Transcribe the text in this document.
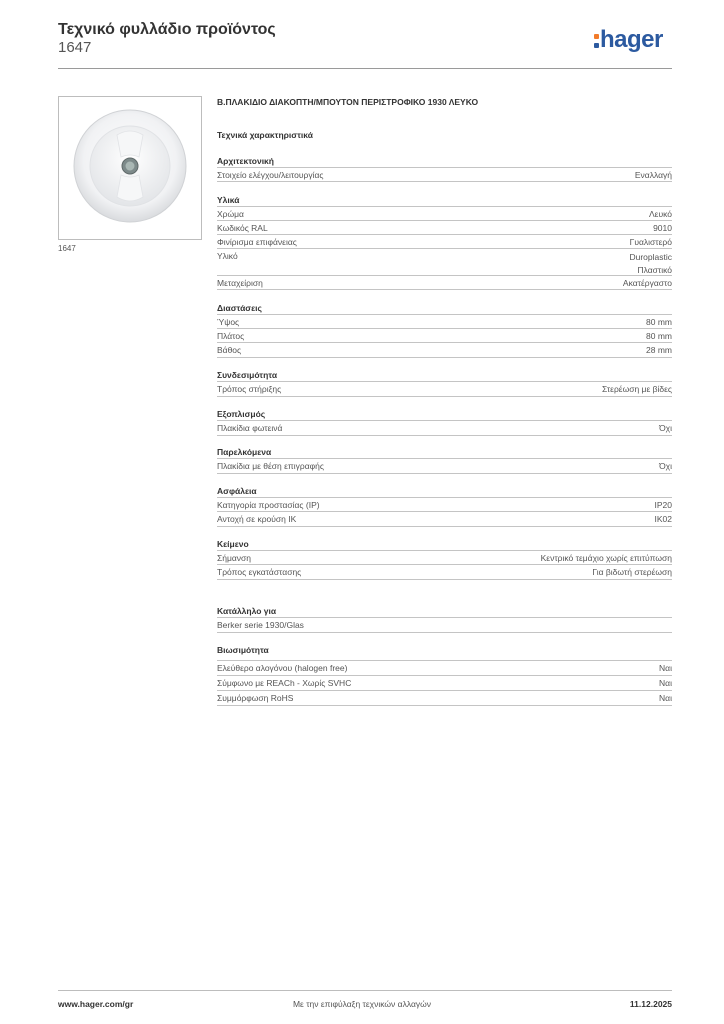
Τεχνικό φυλλάδιο προϊόντος
1647	hager
1647
Β.ΠΛΑΚΙΔΙΟ ΔΙΑΚΟΠΤΗ/ΜΠΟΥΤΟΝ ΠΕΡΙΣΤΡΟΦΙΚΟ 1930 ΛΕΥΚΟ
Τεχνικά χαρακτηριστικά
Αρχιτεκτονική
Στοιχείο ελέγχου/λειτουργίας	Εναλλαγή
Υλικά
Χρώμα	Λευκό
Κωδικός RAL	9010
Φινίρισμα επιφάνειας	Γυαλιστερό
Υλικό	Duroplastic
Πλαστικό
Μεταχείριση	Ακατέργαστο
Διαστάσεις
Ύψος	80 mm
Πλάτος	80 mm
Βάθος	28 mm
Συνδεσιμότητα
Τρόπος στήριξης	Στερέωση με βίδες
Εξοπλισμός
Πλακίδια φωτεινά	Όχι
Παρελκόμενα
Πλακίδια με θέση επιγραφής	Όχι
Ασφάλεια
Κατηγορία προστασίας (IP)	IP20
Αντοχή σε κρούση IK	IK02
Κείμενο
Σήμανση	Κεντρικό τεμάχιο χωρίς επιτύπωση
Τρόπος εγκατάστασης	Για βιδωτή στερέωση
Κατάλληλο για
Berker serie 1930/Glas
Βιωσιμότητα
Ελεύθερο αλογόνου (halogen free)	Ναι
Σύμφωνο με REACh - Χωρίς SVHC	Ναι
Συμμόρφωση RoHS	Ναι
www.hager.com/gr	Με την επιφύλαξη τεχνικών αλλαγών	11.12.2025
